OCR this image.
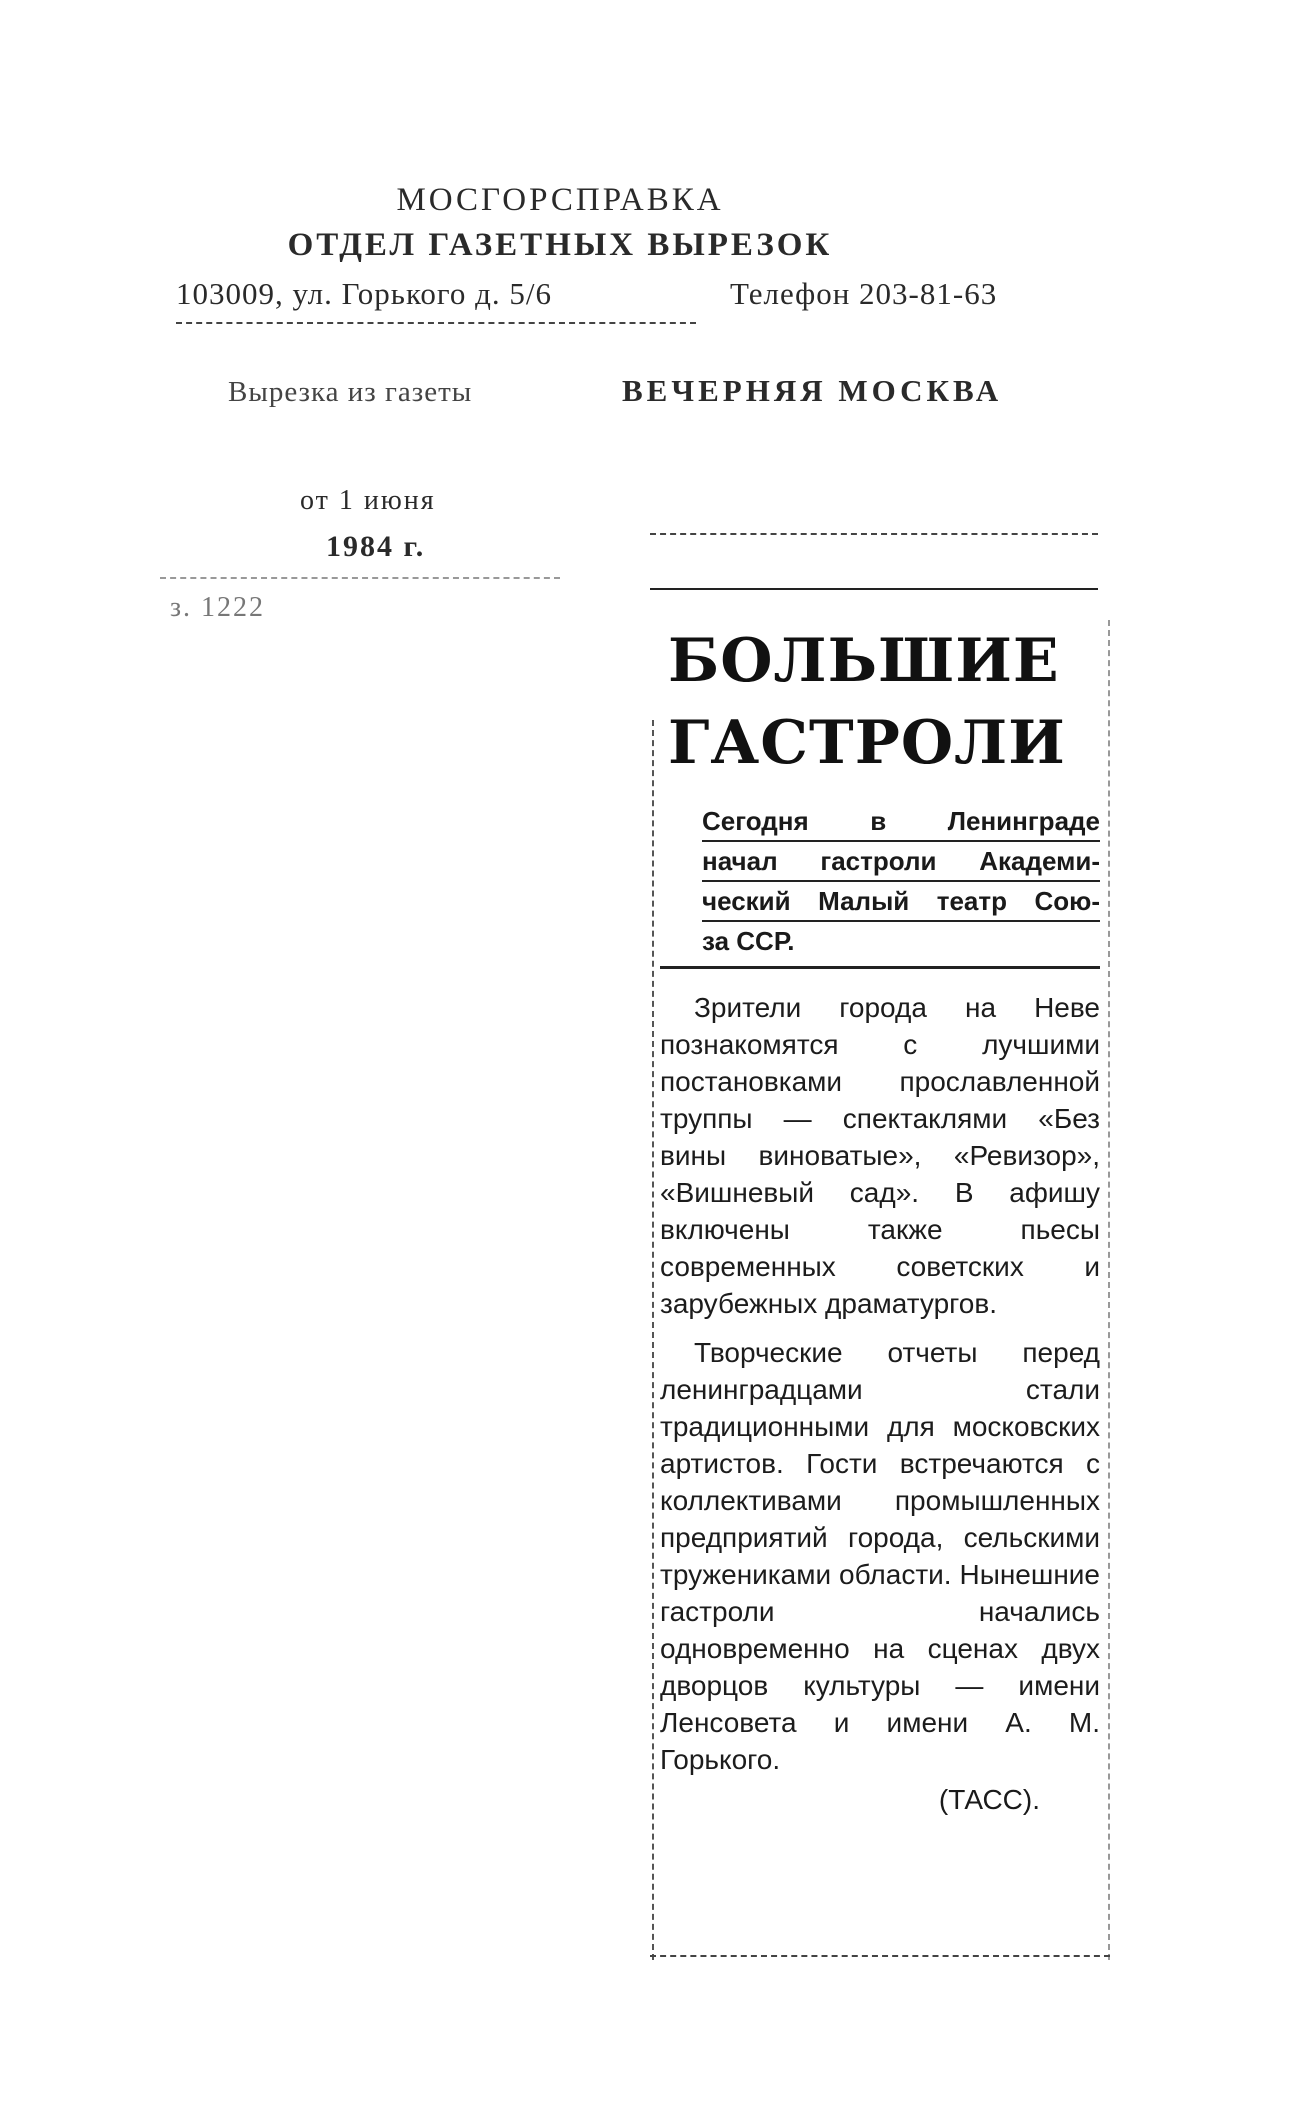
МОСГОРСПРАВКА
ОТДЕЛ ГАЗЕТНЫХ ВЫРЕЗОК
103009, ул. Горького д. 5/6	Телефон 203-81-63
Вырезка из газеты	ВЕЧЕРНЯЯ МОСКВА
от 1 июня
1984 г.
з. 1222
БОЛЬШИЕ
ГАСТРОЛИ
Сегодня в Ленинграде
начал гастроли Академи-
ческий Малый театр Сою-
за ССР.

Зрители города на Неве познакомятся с лучшими постановками прославленной труппы — спектаклями «Без вины виноватые», «Ревизор», «Вишневый сад». В афишу включены также пьесы современных советских и зарубежных драматургов.

Творческие отчеты перед ленинградцами стали традиционными для московских артистов. Гости встречаются с коллективами промышленных предприятий города, сельскими тружениками области. Нынешние гастроли начались одновременно на сценах двух дворцов культуры — имени Ленсовета и имени А. М. Горького.

(ТАСС).
